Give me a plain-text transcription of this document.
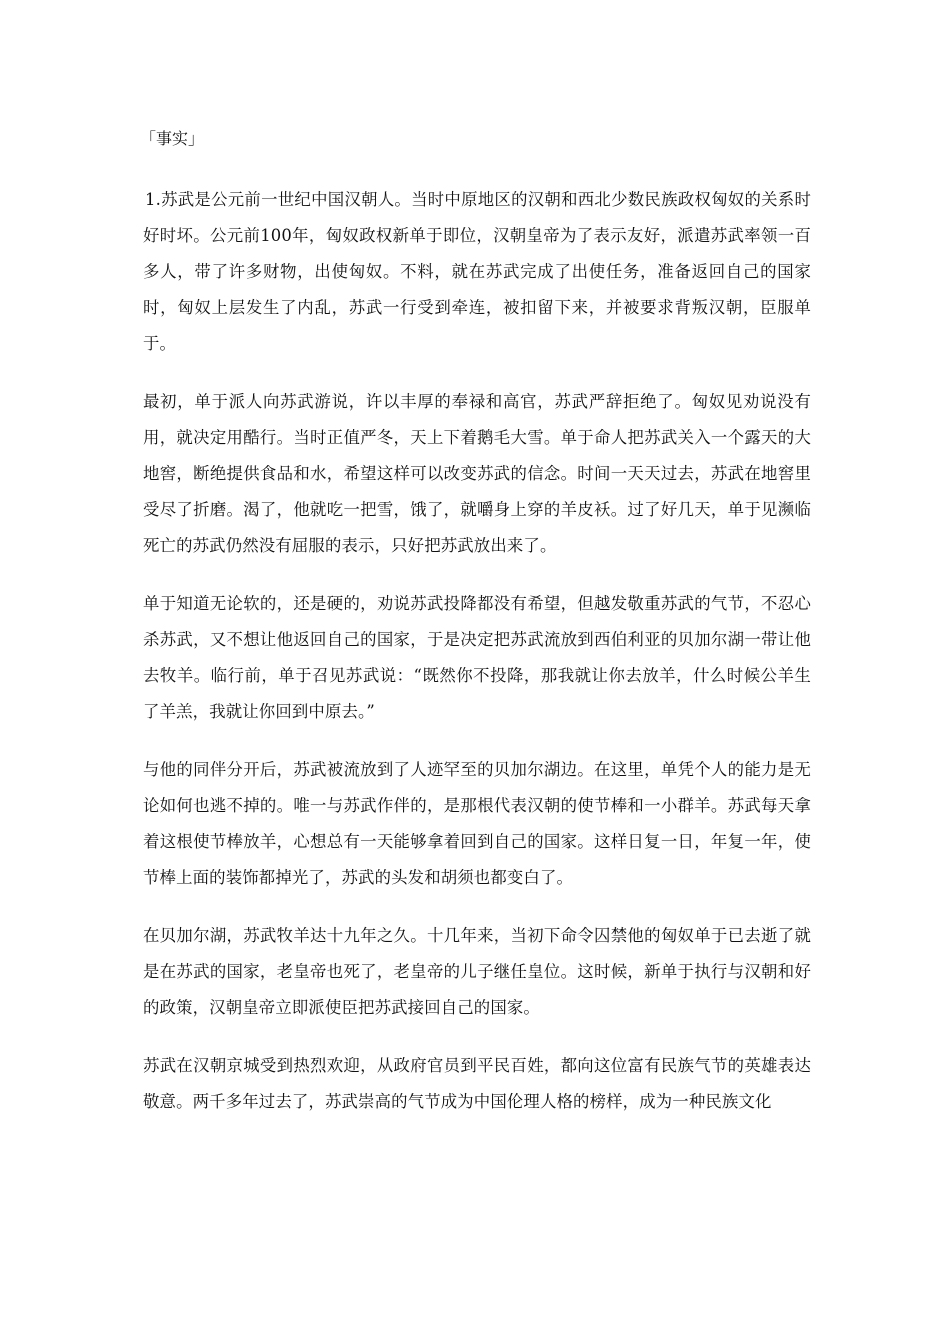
「事实」

1.苏武是公元前一世纪中国汉朝人。当时中原地区的汉朝和西北少数民族政权匈奴的关系时好时坏。公元前100年，匈奴政权新单于即位，汉朝皇帝为了表示友好，派遣苏武率领一百多人，带了许多财物，出使匈奴。不料，就在苏武完成了出使任务，准备返回自己的国家时，匈奴上层发生了内乱，苏武一行受到牵连，被扣留下来，并被要求背叛汉朝，臣服单于。

最初，单于派人向苏武游说，许以丰厚的奉禄和高官，苏武严辞拒绝了。匈奴见劝说没有用，就决定用酷行。当时正值严冬，天上下着鹅毛大雪。单于命人把苏武关入一个露天的大地窖，断绝提供食品和水，希望这样可以改变苏武的信念。时间一天天过去，苏武在地窖里受尽了折磨。渴了，他就吃一把雪，饿了，就嚼身上穿的羊皮袄。过了好几天，单于见濒临死亡的苏武仍然没有屈服的表示，只好把苏武放出来了。

单于知道无论软的，还是硬的，劝说苏武投降都没有希望，但越发敬重苏武的气节，不忍心杀苏武，又不想让他返回自己的国家，于是决定把苏武流放到西伯利亚的贝加尔湖一带让他去牧羊。临行前，单于召见苏武说：“既然你不投降，那我就让你去放羊，什么时候公羊生了羊羔，我就让你回到中原去。”

与他的同伴分开后，苏武被流放到了人迹罕至的贝加尔湖边。在这里，单凭个人的能力是无论如何也逃不掉的。唯一与苏武作伴的，是那根代表汉朝的使节棒和一小群羊。苏武每天拿着这根使节棒放羊，心想总有一天能够拿着回到自己的国家。这样日复一日，年复一年，使节棒上面的装饰都掉光了，苏武的头发和胡须也都变白了。

在贝加尔湖，苏武牧羊达十九年之久。十几年来，当初下命令囚禁他的匈奴单于已去逝了就是在苏武的国家，老皇帝也死了，老皇帝的儿子继任皇位。这时候，新单于执行与汉朝和好的政策，汉朝皇帝立即派使臣把苏武接回自己的国家。

苏武在汉朝京城受到热烈欢迎，从政府官员到平民百姓，都向这位富有民族气节的英雄表达敬意。两千多年过去了，苏武崇高的气节成为中国伦理人格的榜样，成为一种民族文化
